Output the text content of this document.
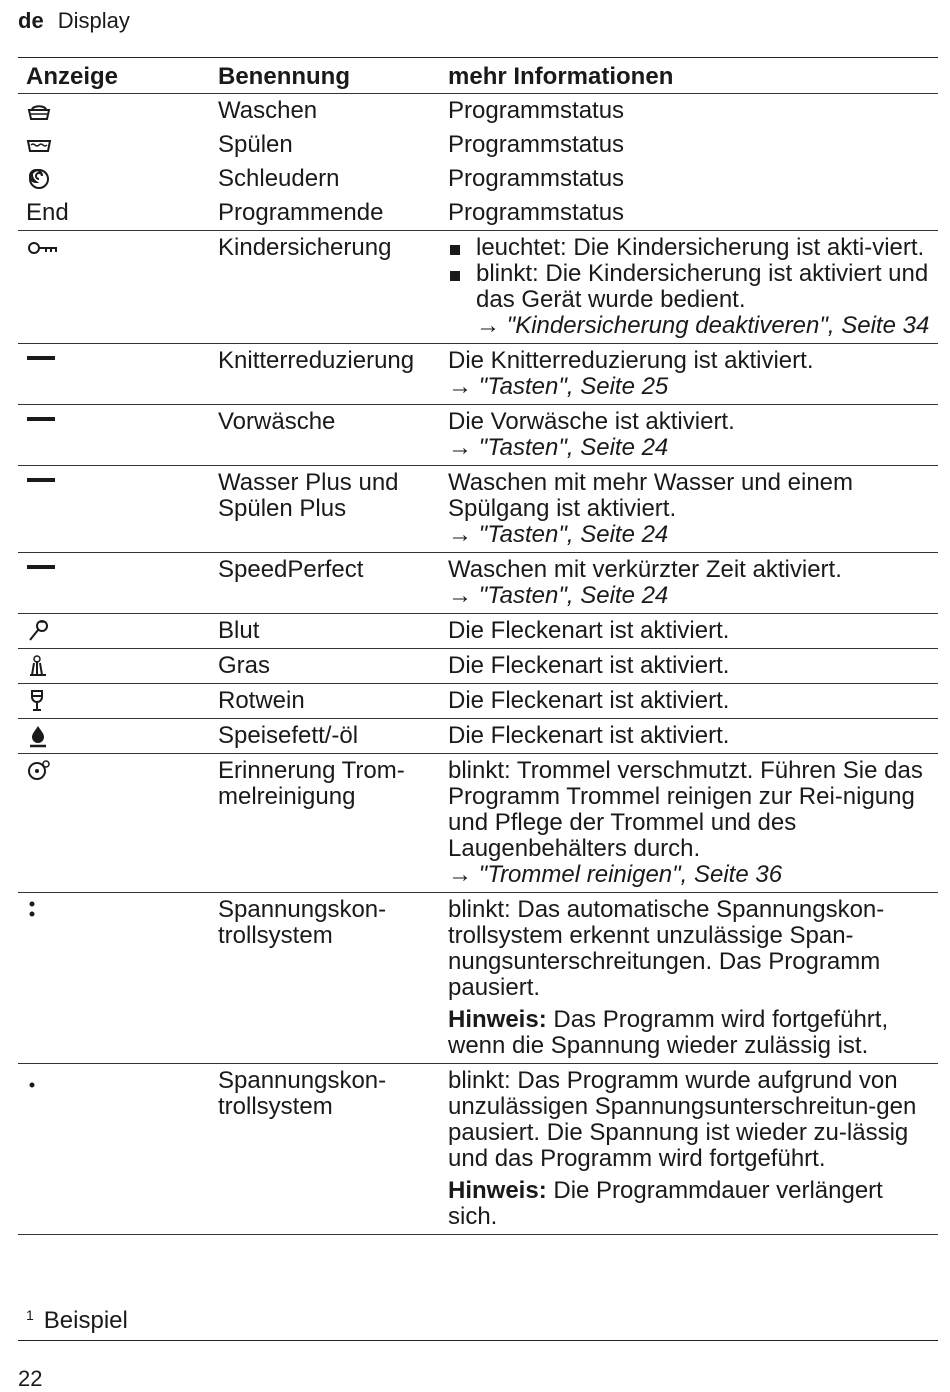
de Display
Anzeige	Benennung	mehr Informationen
	Waschen	Programmstatus
	Spülen	Programmstatus
	Schleudern	Programmstatus
End	Programmende	Programmstatus
	Kindersicherung	leuchtet: Die Kindersicherung ist akti-viert.
blinkt: Die Kindersicherung ist aktiviert und das Gerät wurde bedient.
→ "Kindersicherung deaktiveren", Seite 34

	Knitterreduzierung	Die Knitterreduzierung ist aktiviert.
→ "Tasten", Seite 25
	Vorwäsche	Die Vorwäsche ist aktiviert.
→ "Tasten", Seite 24
	Wasser Plus und Spülen Plus	Waschen mit mehr Wasser und einem Spülgang ist aktiviert.
→ "Tasten", Seite 24
	SpeedPerfect	Waschen mit verkürzter Zeit aktiviert.
→ "Tasten", Seite 24
	Blut	Die Fleckenart ist aktiviert.
	Gras	Die Fleckenart ist aktiviert.
	Rotwein	Die Fleckenart ist aktiviert.
	Speisefett/-öl	Die Fleckenart ist aktiviert.
	Erinnerung Trom-melreinigung	blinkt: Trommel verschmutzt. Führen Sie das Programm Trommel reinigen zur Rei-nigung und Pflege der Trommel und des Laugenbehälters durch.
→ "Trommel reinigen", Seite 36
	Spannungskon-trollsystem	blinkt: Das automatische Spannungskon-trollsystem erkennt unzulässige Span-nungsunterschreitungen. Das Programm pausiert.
Hinweis: Das Programm wird fortgeführt, wenn die Spannung wieder zulässig ist.

	Spannungskon-trollsystem	blinkt: Das Programm wurde aufgrund von unzulässigen Spannungsunterschreitun-gen pausiert. Die Spannung ist wieder zu-lässig und das Programm wird fortgeführt.
Hinweis: Die Programmdauer verlängert sich.
$^1$ Beispiel
22
